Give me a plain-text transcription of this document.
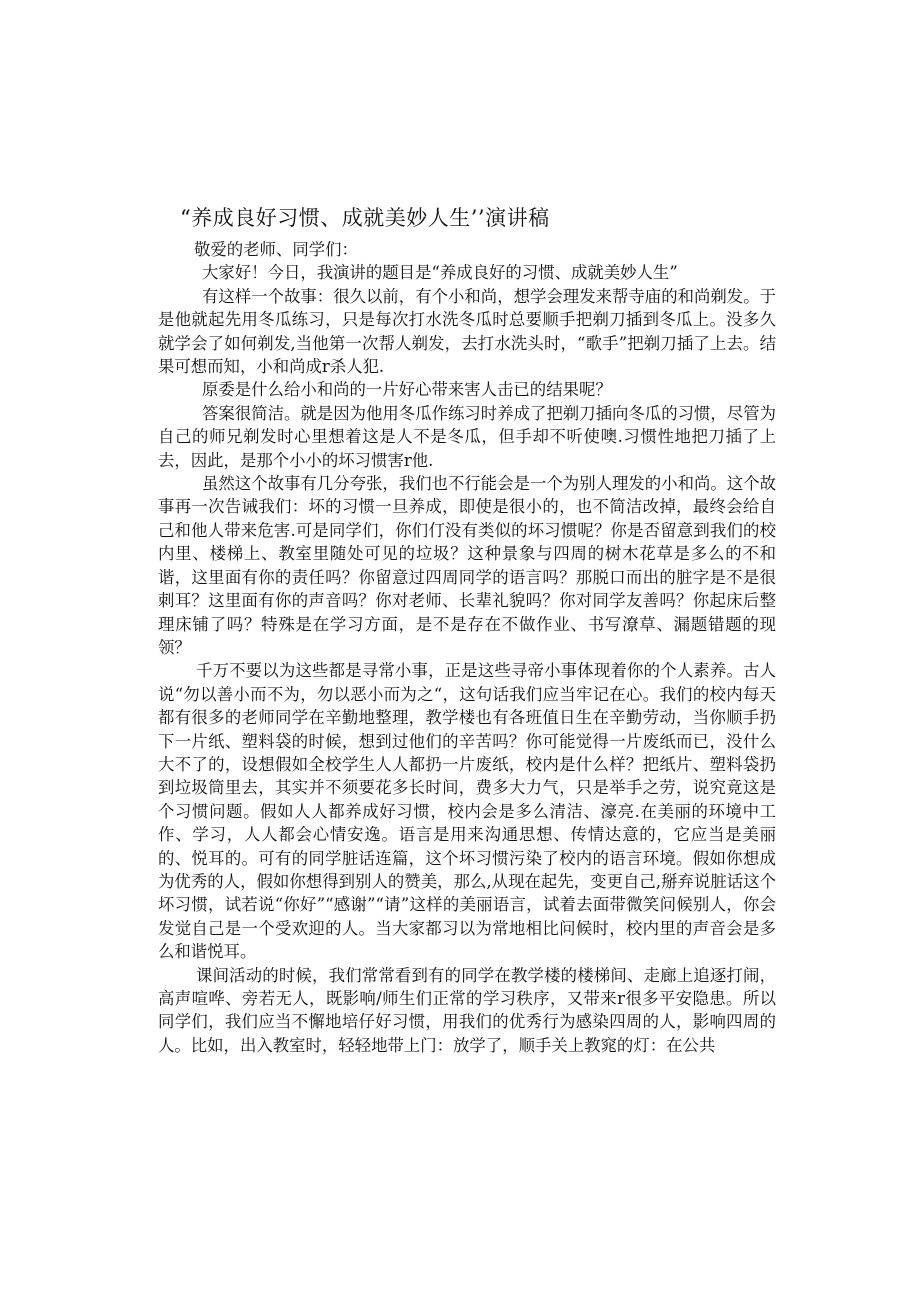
“养成良好习惯、成就美妙人生’’演讲稿

敬爱的老师、同学们：

大家好！今日，我演讲的题目是“养成良好的习惯、成就美妙人生”

有这样一个故事：很久以前，有个小和尚，想学会理发来帮寺庙的和尚剃发。于是他就起先用冬瓜练习，只是每次打水洗冬瓜时总要顺手把剃刀插到冬瓜上。没多久就学会了如何剃发,当他第一次帮人剃发，去打水洗头时，“歌手”把剃刀插了上去。结果可想而知，小和尚成r杀人犯.

原委是什么给小和尚的一片好心带来害人击已的结果呢？

答案很简洁。就是因为他用冬瓜作练习时养成了把剃刀插向冬瓜的习惯，尽管为自己的师兄剃发时心里想着这是人不是冬瓜，但手却不听使噢.习惯性地把刀插了上去，因此，是那个小小的坏习惯害r他.

虽然这个故事有几分夸张，我们也不行能会是一个为别人理发的小和尚。这个故事再一次告诫我们：坏的习惯一旦养成，即使是很小的，也不简洁改掉，最终会给自己和他人带来危害.可是同学们，你们仃没有类似的坏习惯呢？你是否留意到我们的校内里、楼梯上、教室里随处可见的垃圾？这种景象与四周的树木花草是多么的不和谐，这里面有你的责任吗？你留意过四周同学的语言吗？那脱口而出的脏字是不是很刺耳？这里面有你的声音吗？你对老师、长辈礼貌吗？你对同学友善吗？你起床后整理床铺了吗？特殊是在学习方面，是不是存在不做作业、书写潦草、漏题错题的现领？

千万不要以为这些都是寻常小事，正是这些寻帝小事体现着你的个人素养。古人说“勿以善小而不为，勿以恶小而为之“，这句话我们应当牢记在心。我们的校内每天都有很多的老师同学在辛勤地整理，教学楼也有各班值日生在辛勤劳动，当你顺手扔下一片纸、塑料袋的时候，想到过他们的辛苦吗？你可能觉得一片废纸而已，没什么大不了的，设想假如全校学生人人都扔一片废纸，校内是什么样？把纸片、塑料袋扔到垃圾筒里去，其实并不须要花多长时间，费多大力气，只是举手之劳，说究竟这是个习惯问题。假如人人都养成好习惯，校内会是多么清洁、濠亮.在美丽的环境中工作、学习，人人都会心情安逸。语言是用来沟通思想、传情达意的，它应当是美丽的、悦耳的。可有的同学脏话连篇，这个坏习惯污染了校内的语言环境。假如你想成为优秀的人，假如你想得到别人的赞美，那么,从现在起先，变更自己,掰弃说脏话这个坏习惯，试若说“你好”“感谢”“请”这样的美丽语言，试着去面带微笑问候别人，你会发觉自己是一个受欢迎的人。当大家都习以为常地相比问候时，校内里的声音会是多么和谐悦耳。

课间活动的时候，我们常常看到有的同学在教学楼的楼梯间、走廊上追逐打闹，高声喧哗、旁若无人，既影响/师生们正常的学习秩序，又带来r很多平安隐患。所以同学们，我们应当不懈地培仔好习惯，用我们的优秀行为感染四周的人，影响四周的人。比如，出入教室时，轻轻地带上门：放学了，顺手关上教窕的灯：在公共
